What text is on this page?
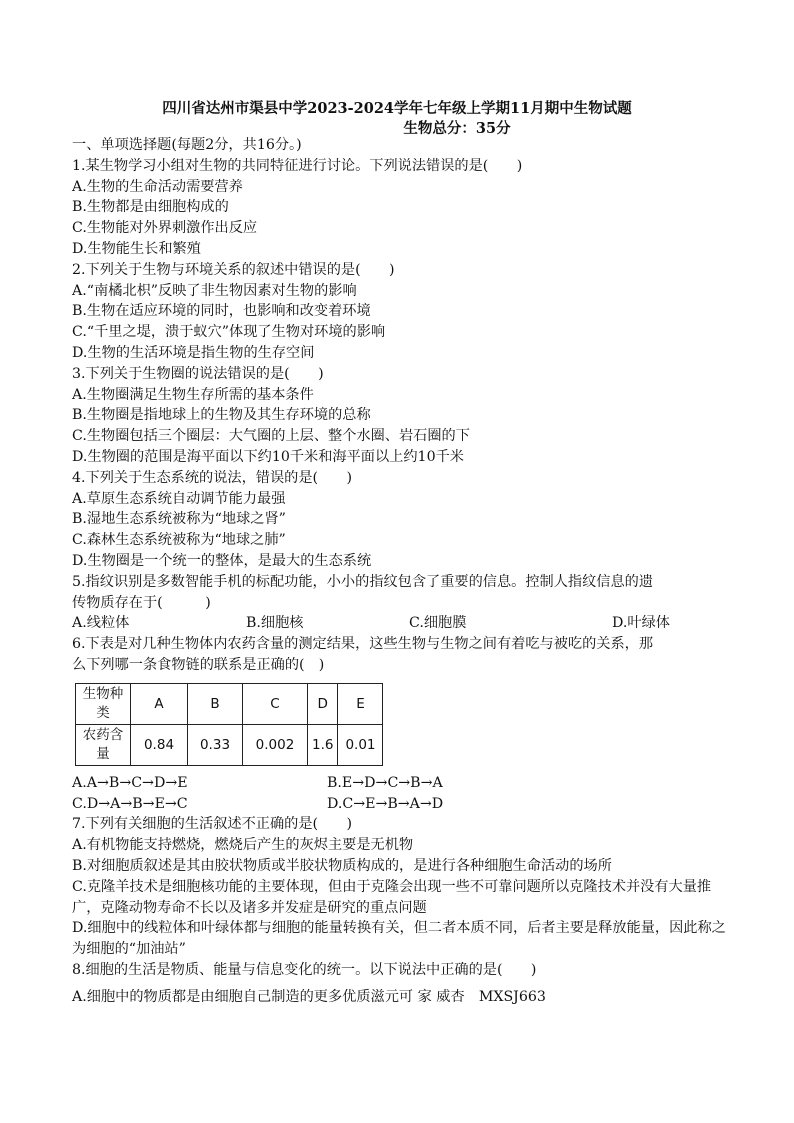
四川省达州市渠县中学2023-2024学年七年级上学期11月期中生物试题
生物总分：35分
一、单项选择题(每题2分，共16分。)
1.某生物学习小组对生物的共同特征进行讨论。下列说法错误的是(　　)
A.生物的生命活动需要营养
B.生物都是由细胞构成的
C.生物能对外界刺激作出反应
D.生物能生长和繁殖
2.下列关于生物与环境关系的叙述中错误的是(　　)
A.“南橘北枳”反映了非生物因素对生物的影响
B.生物在适应环境的同时，也影响和改变着环境
C.“千里之堤，溃于蚁穴”体现了生物对环境的影响
D.生物的生活环境是指生物的生存空间
3.下列关于生物圈的说法错误的是(　　)
A.生物圈满足生物生存所需的基本条件
B.生物圈是指地球上的生物及其生存环境的总称
C.生物圈包括三个圈层：大气圈的上层、整个水圈、岩石圈的下
D.生物圈的范围是海平面以下约10千米和海平面以上约10千米
4.下列关于生态系统的说法，错误的是(　　)
A.草原生态系统自动调节能力最强
B.湿地生态系统被称为“地球之肾”
C.森林生态系统被称为“地球之肺”
D.生物圈是一个统一的整体，是最大的生态系统
5.指纹识别是多数智能手机的标配功能，小小的指纹包含了重要的信息。控制人指纹信息的遗
传物质存在于(　　　)
A.线粒体	B.细胞核	C.细胞膜	D.叶绿体
6.下表是对几种生物体内农药含量的测定结果，这些生物与生物之间有着吃与被吃的关系，那
么下列哪一条食物链的联系是正确的(　)
生物种类	A	B	C	D	E
农药含量	0.84	0.33	0.002	1.6	0.01
A.A→B→C→D→E	B.E→D→C→B→A
C.D→A→B→E→C	D.C→E→B→A→D
7.下列有关细胞的生活叙述不正确的是(　　)
A.有机物能支持燃烧，燃烧后产生的灰烬主要是无机物
B.对细胞质叙述是其由胶状物质或半胶状物质构成的，是进行各种细胞生命活动的场所
C.克隆羊技术是细胞核功能的主要体现，但由于克隆会出现一些不可靠问题所以克隆技术并没有大量推广，克隆动物寿命不长以及诸多并发症是研究的重点问题
D.细胞中的线粒体和叶绿体都与细胞的能量转换有关，但二者本质不同，后者主要是释放能量，因此称之为细胞的“加油站”
8.细胞的生活是物质、能量与信息变化的统一。以下说法中正确的是(　　)
A.细胞中的物质都是由细胞自己制造的更多优质滋元可 家 威杏　MXSJ663
